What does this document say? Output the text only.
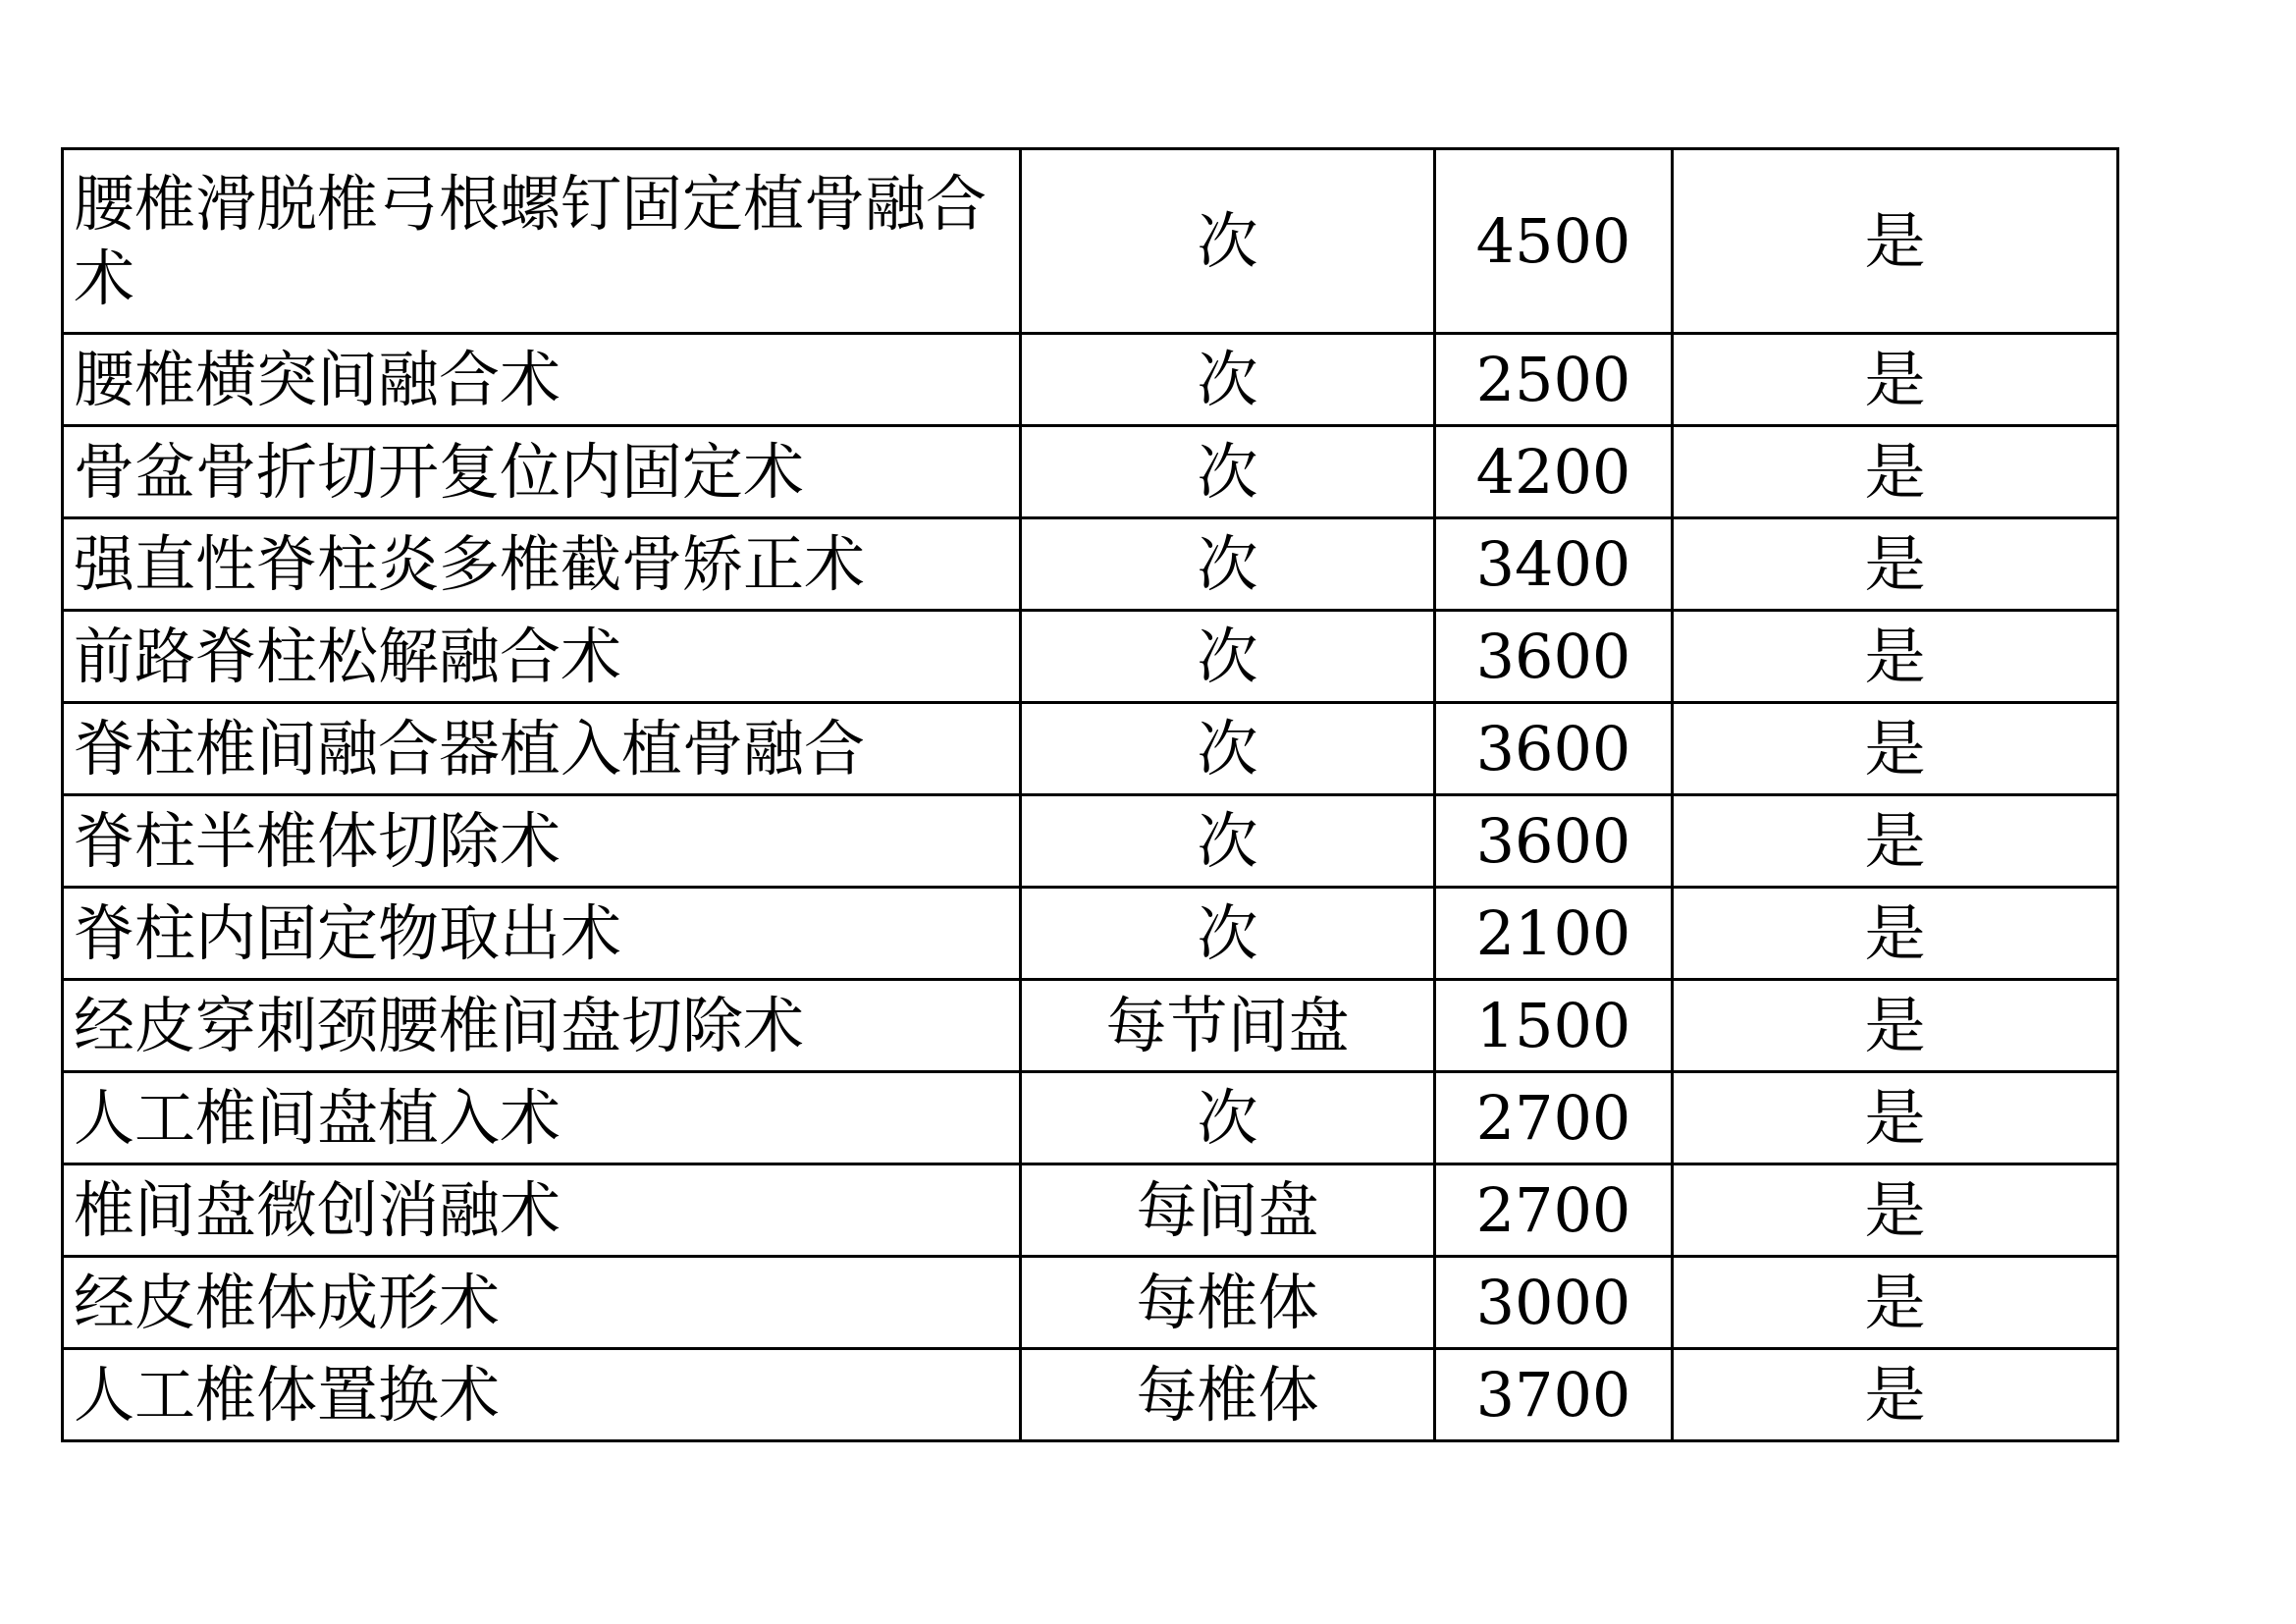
腰椎滑脱椎弓根螺钉固定植骨融合术	次	4500	是
腰椎横突间融合术	次	2500	是
骨盆骨折切开复位内固定术	次	4200	是
强直性脊柱炎多椎截骨矫正术	次	3400	是
前路脊柱松解融合术	次	3600	是
脊柱椎间融合器植入植骨融合	次	3600	是
脊柱半椎体切除术	次	3600	是
脊柱内固定物取出术	次	2100	是
经皮穿刺颈腰椎间盘切除术	每节间盘	1500	是
人工椎间盘植入术	次	2700	是
椎间盘微创消融术	每间盘	2700	是
经皮椎体成形术	每椎体	3000	是
人工椎体置换术	每椎体	3700	是
